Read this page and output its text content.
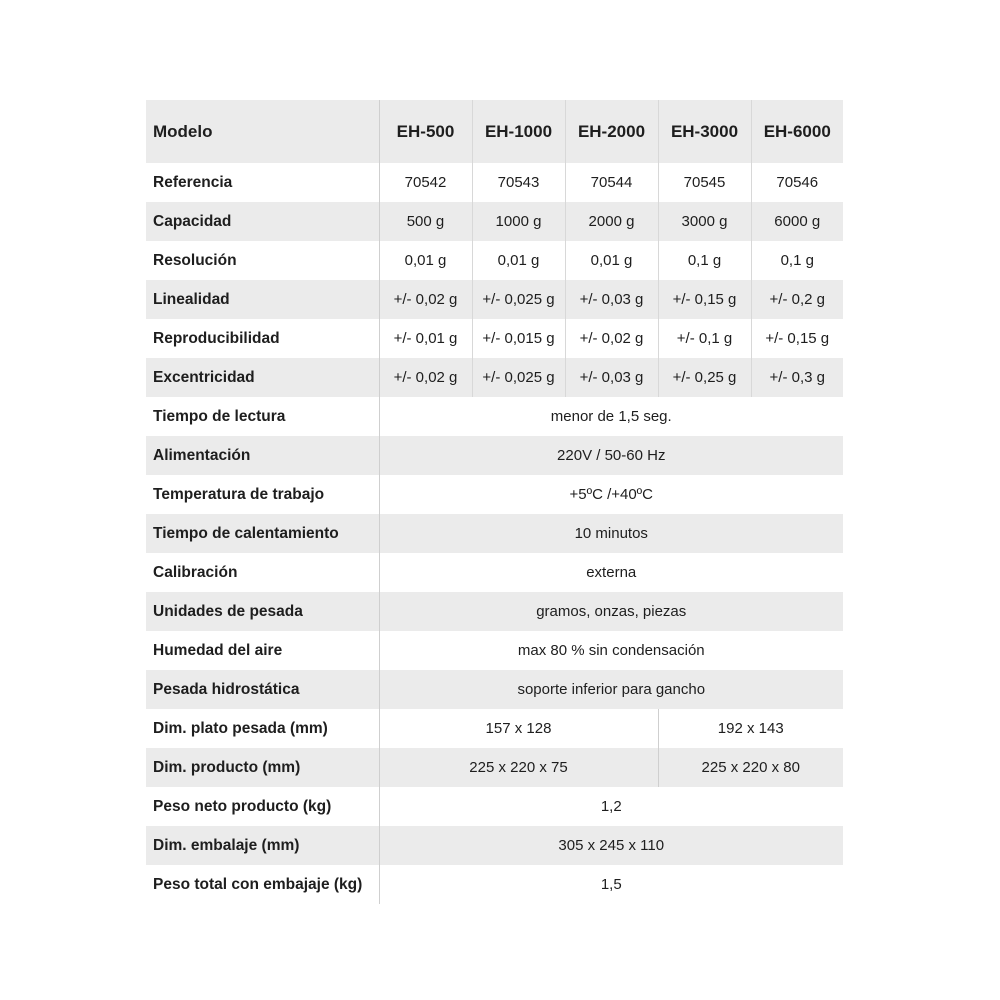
Modelo	EH-500	EH-1000	EH-2000	EH-3000	EH-6000
Referencia	70542	70543	70544	70545	70546
Capacidad	500 g	1000 g	2000 g	3000 g	6000 g
Resolución	0,01 g	0,01 g	0,01 g	0,1 g	0,1 g
Linealidad	+/- 0,02 g	+/- 0,025 g	+/- 0,03 g	+/- 0,15 g	+/- 0,2 g
Reproducibilidad	+/- 0,01 g	+/- 0,015 g	+/- 0,02 g	+/- 0,1 g	+/- 0,15 g
Excentricidad	+/- 0,02 g	+/- 0,025 g	+/- 0,03 g	+/- 0,25 g	+/- 0,3 g
Tiempo de lectura	menor de 1,5 seg.				
Alimentación	220V / 50-60 Hz				
Temperatura de trabajo	+5ºC /+40ºC				
Tiempo de calentamiento	10 minutos				
Calibración	externa				
Unidades de pesada	gramos, onzas, piezas				
Humedad del aire	max 80 % sin condensación				
Pesada hidrostática	soporte inferior para gancho				
Dim. plato pesada (mm)	157 x 128			192 x 143	
Dim. producto (mm)	225 x 220 x 75			225 x 220 x 80	
Peso neto producto (kg)	1,2				
Dim. embalaje (mm)	305 x 245 x 110				
Peso total con embajaje (kg)	1,5				
